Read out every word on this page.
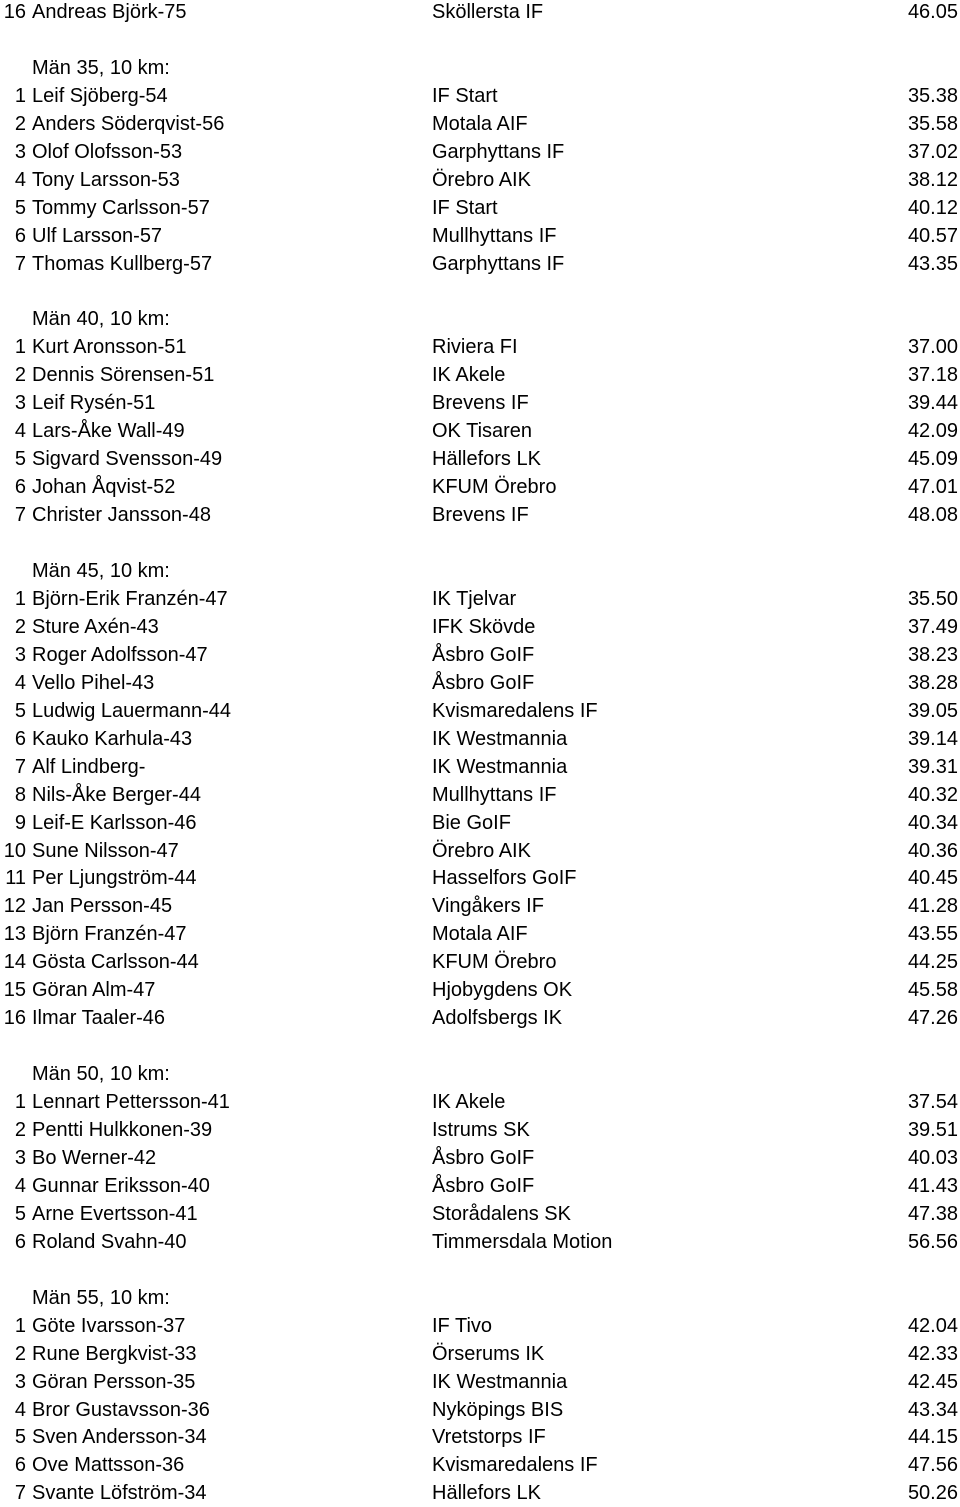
16 Andreas Björk-75	Sköllersta IF	46.05
Män 35, 10 km:
1 Leif Sjöberg-54	IF Start	35.38
2 Anders Söderqvist-56	Motala AIF	35.58
3 Olof Olofsson-53	Garphyttans IF	37.02
4 Tony Larsson-53	Örebro AIK	38.12
5 Tommy Carlsson-57	IF Start	40.12
6 Ulf Larsson-57	Mullhyttans IF	40.57
7 Thomas Kullberg-57	Garphyttans IF	43.35
Män 40, 10 km:
1 Kurt Aronsson-51	Riviera FI	37.00
2 Dennis Sörensen-51	IK Akele	37.18
3 Leif Rysén-51	Brevens IF	39.44
4 Lars-Åke Wall-49	OK Tisaren	42.09
5 Sigvard Svensson-49	Hällefors LK	45.09
6 Johan Åqvist-52	KFUM Örebro	47.01
7 Christer Jansson-48	Brevens IF	48.08
Män 45, 10 km:
1 Björn-Erik Franzén-47	IK Tjelvar	35.50
2 Sture Axén-43	IFK Skövde	37.49
3 Roger Adolfsson-47	Åsbro GoIF	38.23
4 Vello Pihel-43	Åsbro GoIF	38.28
5 Ludwig Lauermann-44	Kvismaredalens IF	39.05
6 Kauko Karhula-43	IK Westmannia	39.14
7 Alf Lindberg-	IK Westmannia	39.31
8 Nils-Åke Berger-44	Mullhyttans IF	40.32
9 Leif-E Karlsson-46	Bie GoIF	40.34
10 Sune Nilsson-47	Örebro AIK	40.36
11 Per Ljungström-44	Hasselfors GoIF	40.45
12 Jan Persson-45	Vingåkers IF	41.28
13 Björn Franzén-47	Motala AIF	43.55
14 Gösta Carlsson-44	KFUM Örebro	44.25
15 Göran Alm-47	Hjobygdens OK	45.58
16 Ilmar Taaler-46	Adolfsbergs IK	47.26
Män 50, 10 km:
1 Lennart Pettersson-41	IK Akele	37.54
2 Pentti Hulkkonen-39	Istrums SK	39.51
3 Bo Werner-42	Åsbro GoIF	40.03
4 Gunnar Eriksson-40	Åsbro GoIF	41.43
5 Arne Evertsson-41	Storådalens SK	47.38
6 Roland Svahn-40	Timmersdala Motion	56.56
Män 55, 10 km:
1 Göte Ivarsson-37	IF Tivo	42.04
2 Rune Bergkvist-33	Örserums IK	42.33
3 Göran Persson-35	IK Westmannia	42.45
4 Bror Gustavsson-36	Nyköpings BIS	43.34
5 Sven Andersson-34	Vretstorps IF	44.15
6 Ove Mattsson-36	Kvismaredalens IF	47.56
7 Svante Löfström-34	Hällefors LK	50.26
